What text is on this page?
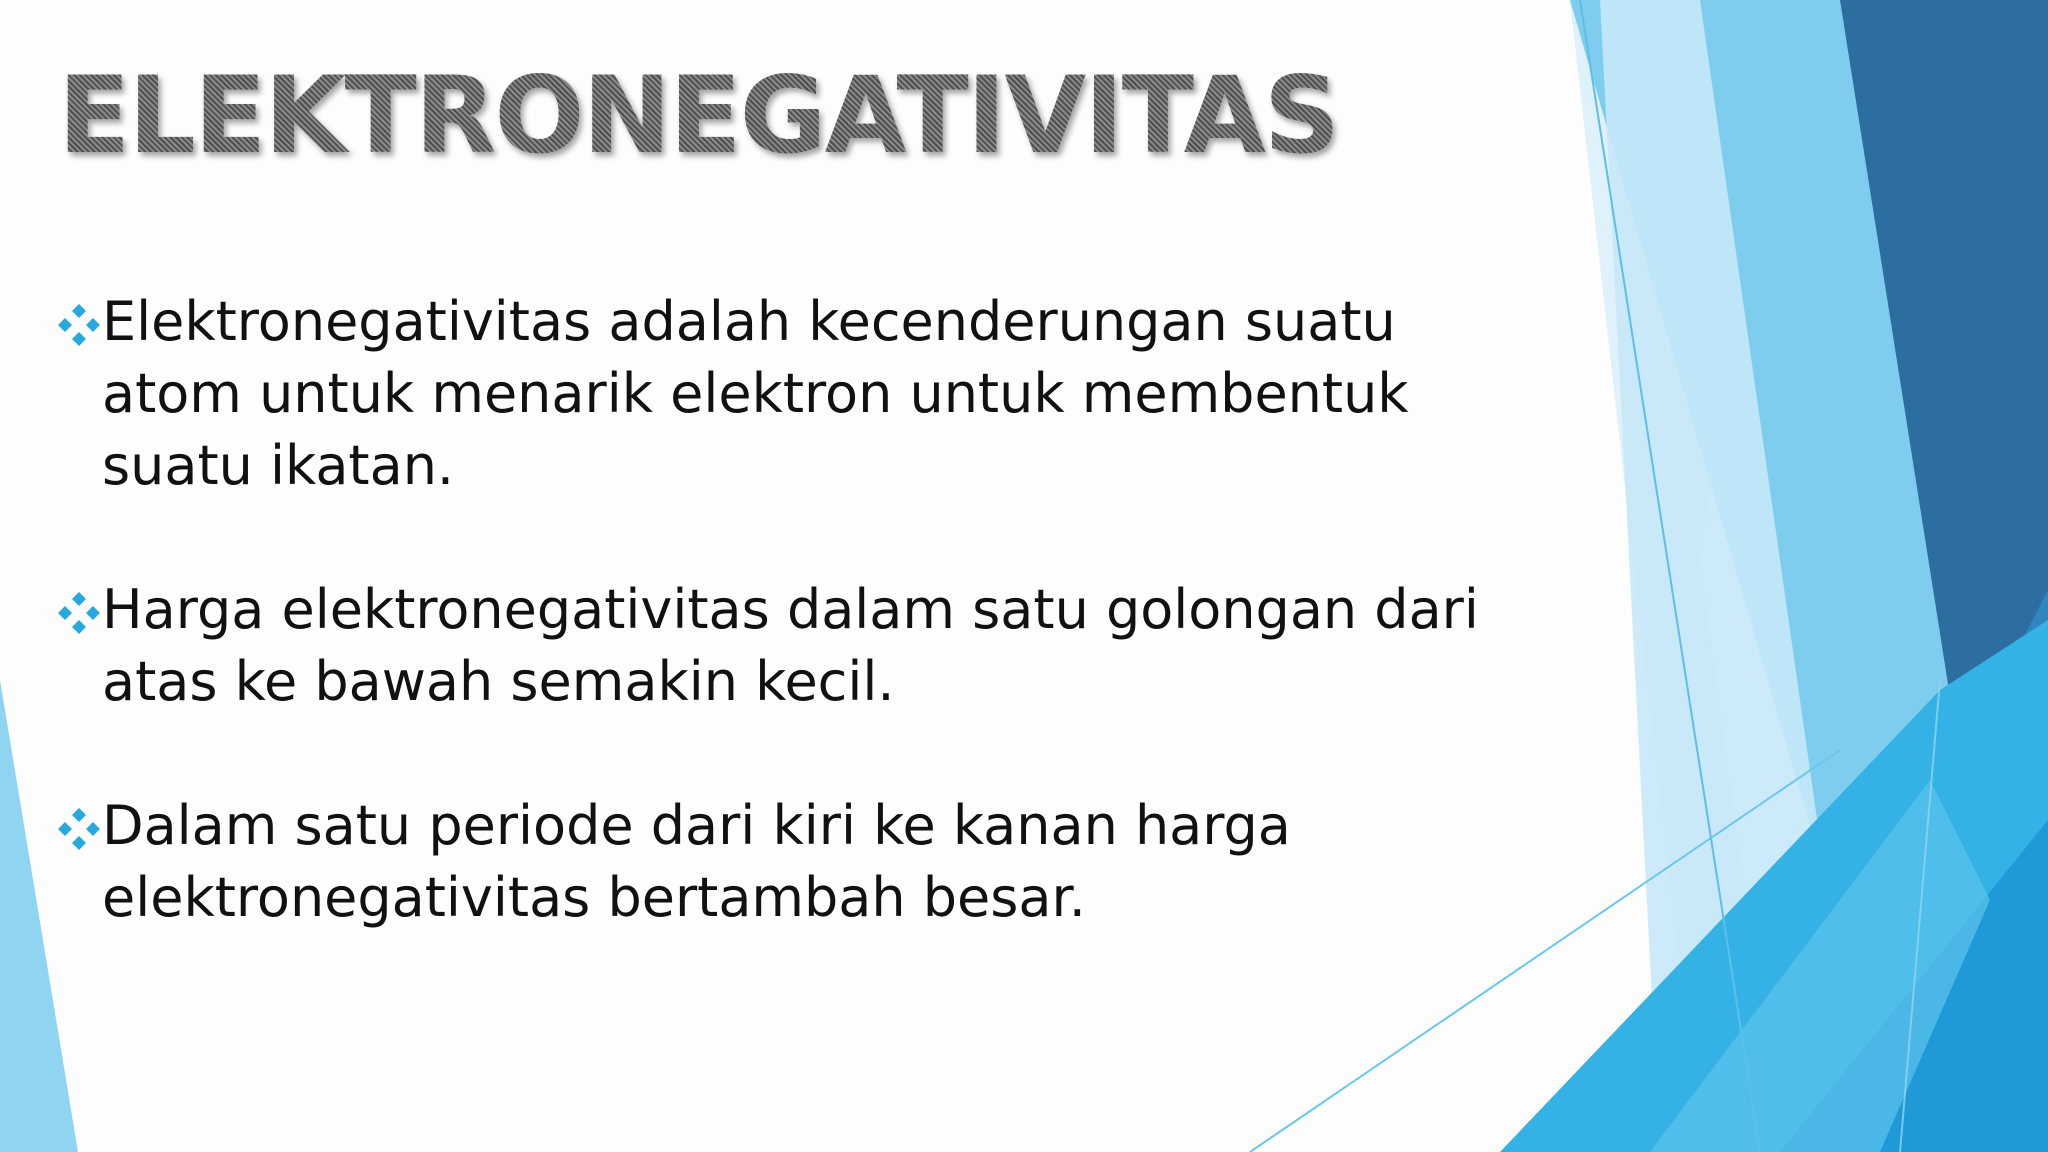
ELEKTRONEGATIVITAS

Elektronegativitas adalah kecenderungan suatu atom untuk menarik elektron untuk membentuk suatu ikatan.

Harga elektronegativitas dalam satu golongan dari atas ke bawah semakin kecil.

Dalam satu periode dari kiri ke kanan harga elektronegativitas bertambah besar.
